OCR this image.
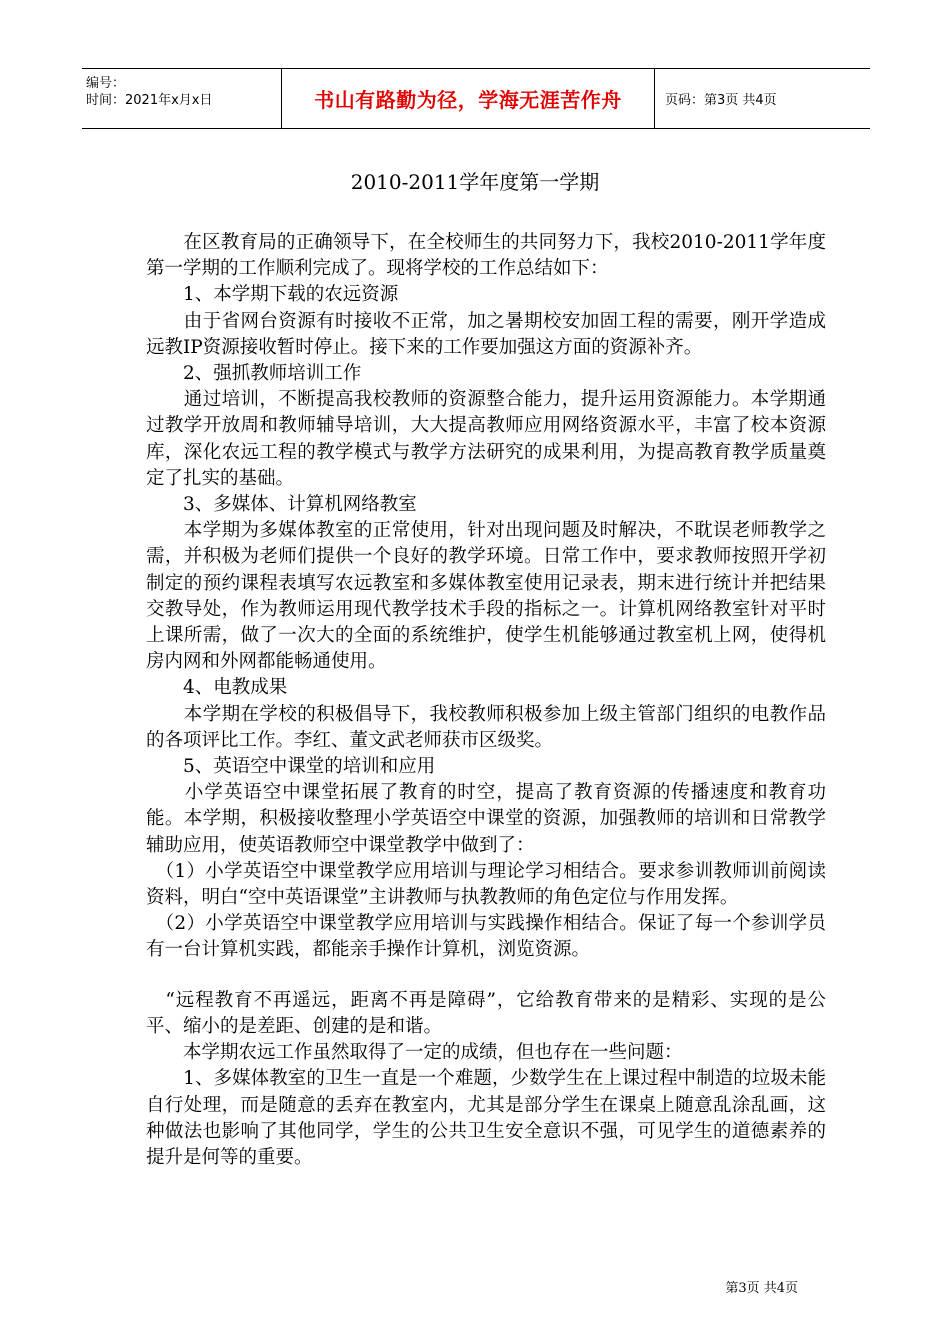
编号：
时间：2021年x月x日	书山有路勤为径，学海无涯苦作舟	页码：第3页 共4页
2010-2011学年度第一学期

　　在区教育局的正确领导下，在全校师生的共同努力下，我校2010-2011学年度第一学期的工作顺利完成了。现将学校的工作总结如下：

　　1、本学期下载的农远资源

　　由于省网台资源有时接收不正常，加之暑期校安加固工程的需要，刚开学造成远教IP资源接收暂时停止。接下来的工作要加强这方面的资源补齐。

　　2、强抓教师培训工作

　　通过培训，不断提高我校教师的资源整合能力，提升运用资源能力。本学期通过教学开放周和教师辅导培训，大大提高教师应用网络资源水平，丰富了校本资源库，深化农远工程的教学模式与教学方法研究的成果利用，为提高教育教学质量奠定了扎实的基础。

　　3、多媒体、计算机网络教室

　　本学期为多媒体教室的正常使用，针对出现问题及时解决，不耽误老师教学之需，并积极为老师们提供一个良好的教学环境。日常工作中，要求教师按照开学初制定的预约课程表填写农远教室和多媒体教室使用记录表，期末进行统计并把结果交教导处，作为教师运用现代教学技术手段的指标之一。计算机网络教室针对平时上课所需，做了一次大的全面的系统维护，使学生机能够通过教室机上网，使得机房内网和外网都能畅通使用。

　　4、电教成果

　　本学期在学校的积极倡导下，我校教师积极参加上级主管部门组织的电教作品的各项评比工作。李红、董文武老师获市区级奖。

　　5、英语空中课堂的培训和应用

　　小学英语空中课堂拓展了教育的时空，提高了教育资源的传播速度和教育功能。本学期，积极接收整理小学英语空中课堂的资源，加强教师的培训和日常教学辅助应用，使英语教师空中课堂教学中做到了：

　（1）小学英语空中课堂教学应用培训与理论学习相结合。要求参训教师训前阅读资料，明白“空中英语课堂”主讲教师与执教教师的角色定位与作用发挥。

　（2）小学英语空中课堂教学应用培训与实践操作相结合。保证了每一个参训学员有一台计算机实践，都能亲手操作计算机，浏览资源。

　“远程教育不再遥远，距离不再是障碍”，它给教育带来的是精彩、实现的是公平、缩小的是差距、创建的是和谐。

　　本学期农远工作虽然取得了一定的成绩，但也存在一些问题：

　　1、多媒体教室的卫生一直是一个难题，少数学生在上课过程中制造的垃圾未能自行处理，而是随意的丢弃在教室内，尤其是部分学生在课桌上随意乱涂乱画，这种做法也影响了其他同学，学生的公共卫生安全意识不强，可见学生的道德素养的提升是何等的重要。

第3页 共4页
